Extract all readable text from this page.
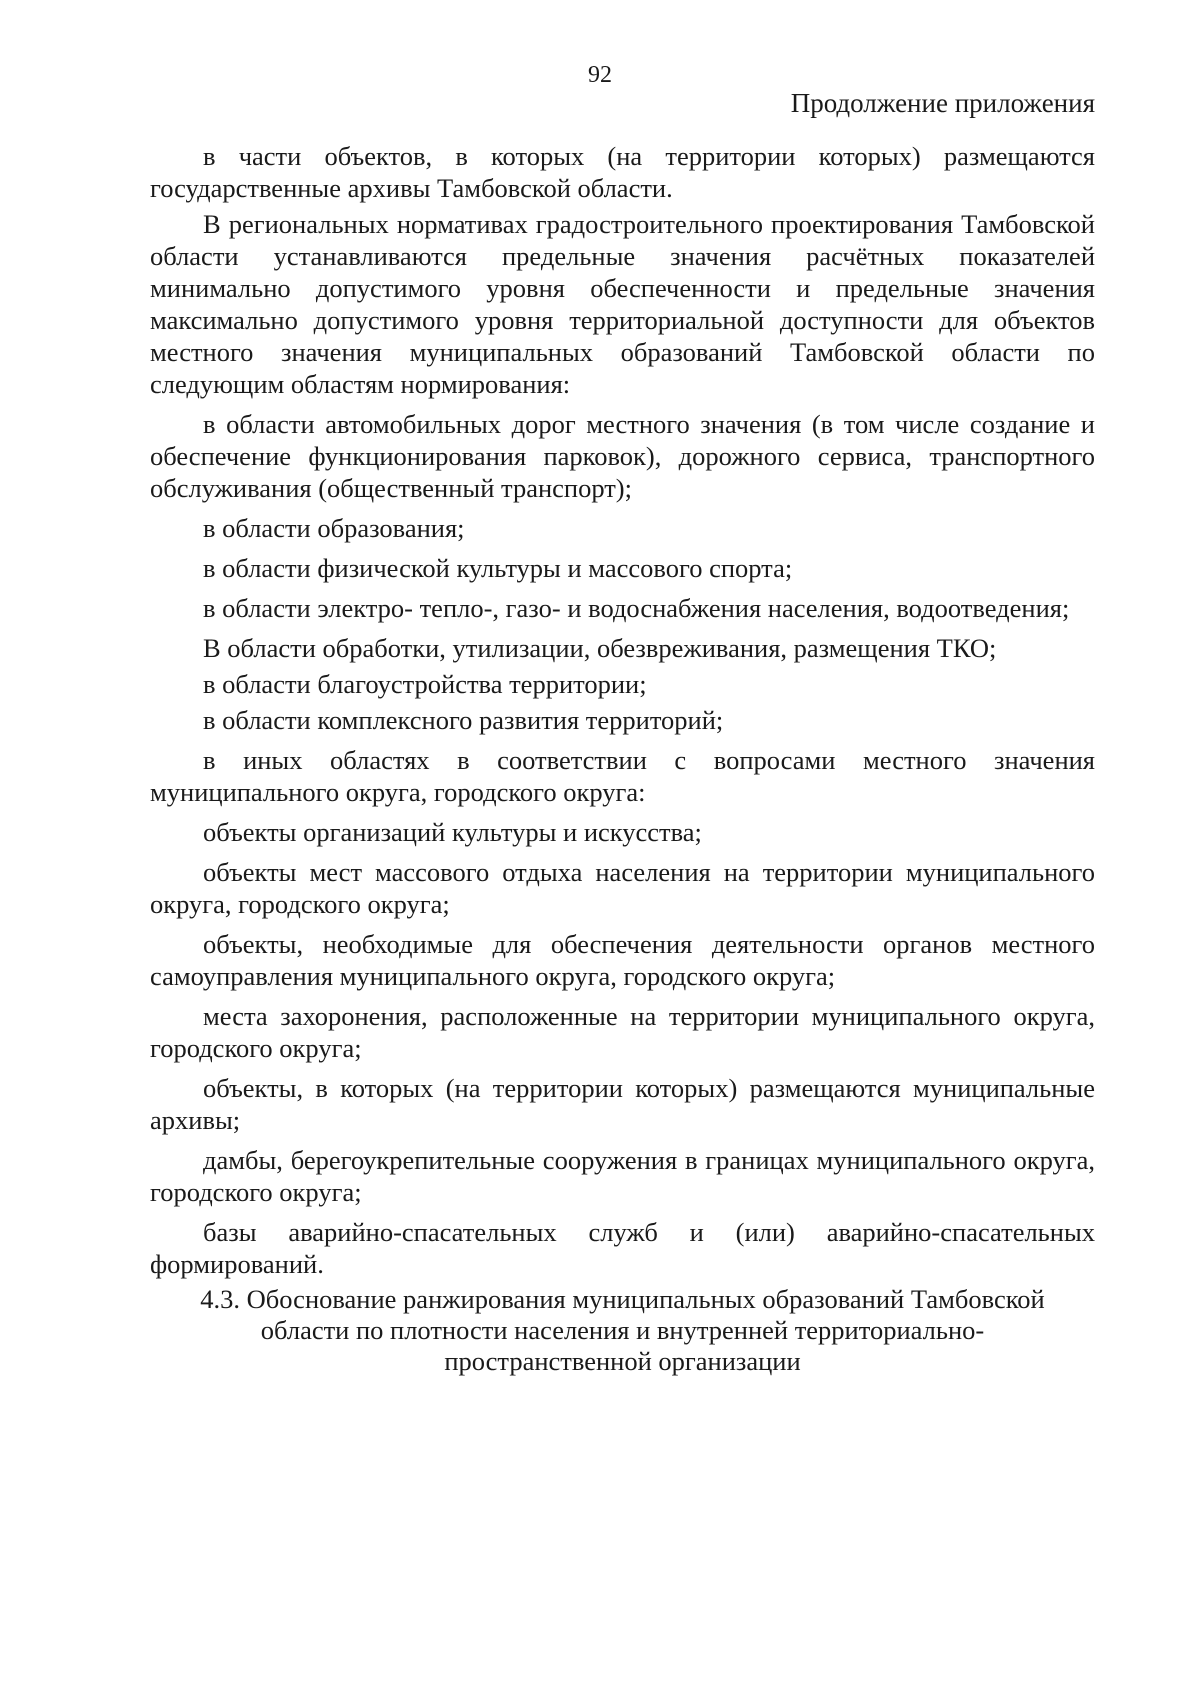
92
Продолжение приложения

в части объектов, в которых (на территории которых) размещаются государственные архивы Тамбовской области.

В региональных нормативах градостроительного проектирования Тамбовской области устанавливаются предельные значения расчётных показателей минимально допустимого уровня обеспеченности и предельные значения максимально допустимого уровня территориальной доступности для объектов местного значения муниципальных образований Тамбовской области по следующим областям нормирования:

в области автомобильных дорог местного значения (в том числе создание и обеспечение функционирования парковок), дорожного сервиса, транспортного обслуживания (общественный транспорт);

в области образования;

в области физической культуры и массового спорта;

в области электро- тепло-, газо- и водоснабжения населения, водоотведения;

В области обработки, утилизации, обезвреживания, размещения ТКО;

в области благоустройства территории;

в области комплексного развития территорий;

в иных областях в соответствии с вопросами местного значения муниципального округа, городского округа:

объекты организаций культуры и искусства;

объекты мест массового отдыха населения на территории муниципального округа, городского округа;

объекты, необходимые для обеспечения деятельности органов местного самоуправления муниципального округа, городского округа;

места захоронения, расположенные на территории муниципального округа, городского округа;

объекты, в которых (на территории которых) размещаются муниципальные архивы;

дамбы, берегоукрепительные сооружения в границах муниципального округа, городского округа;

базы аварийно-спасательных служб и (или) аварийно-спасательных формирований.

4.3. Обоснование ранжирования муниципальных образований Тамбовской
области по плотности населения и внутренней территориально-
пространственной организации
